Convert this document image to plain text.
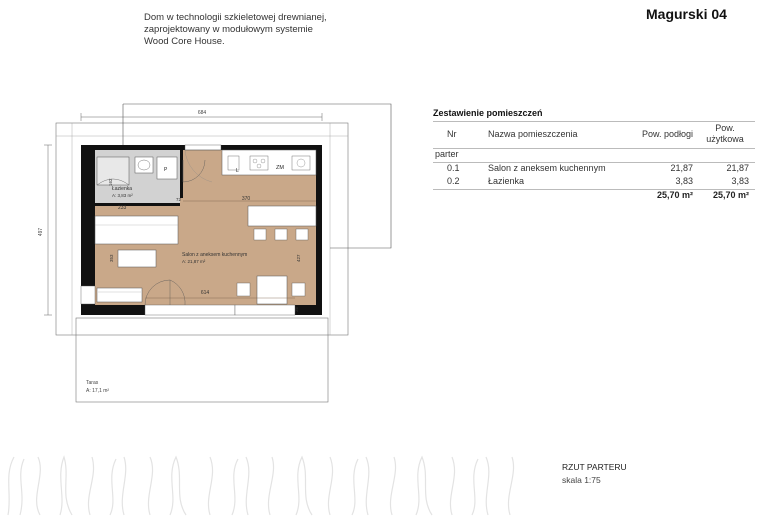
Dom w technologii szkieletowej drewnianej,
zaprojektowany w modułowym systemie
Wood Core House.
Magurski 04
Taras
A: 17,1 m²
684
497
P
Łazienka
A: 3,83 m²
233
162
72
L	ZM
370
353	427
Salon z aneksem kuchennym
A: 21,87 m²
614
35
Zestawienie pomieszczeń
Nr	Nazwa pomieszczenia	Pow. podłogi
Pow.
użytkowa
parter
0.1	Salon z aneksem kuchennym	21,87	21,87
0.2	Łazienka	3,83	3,83
25,70 m² 25,70 m²
RZUT PARTERU
skala 1:75
